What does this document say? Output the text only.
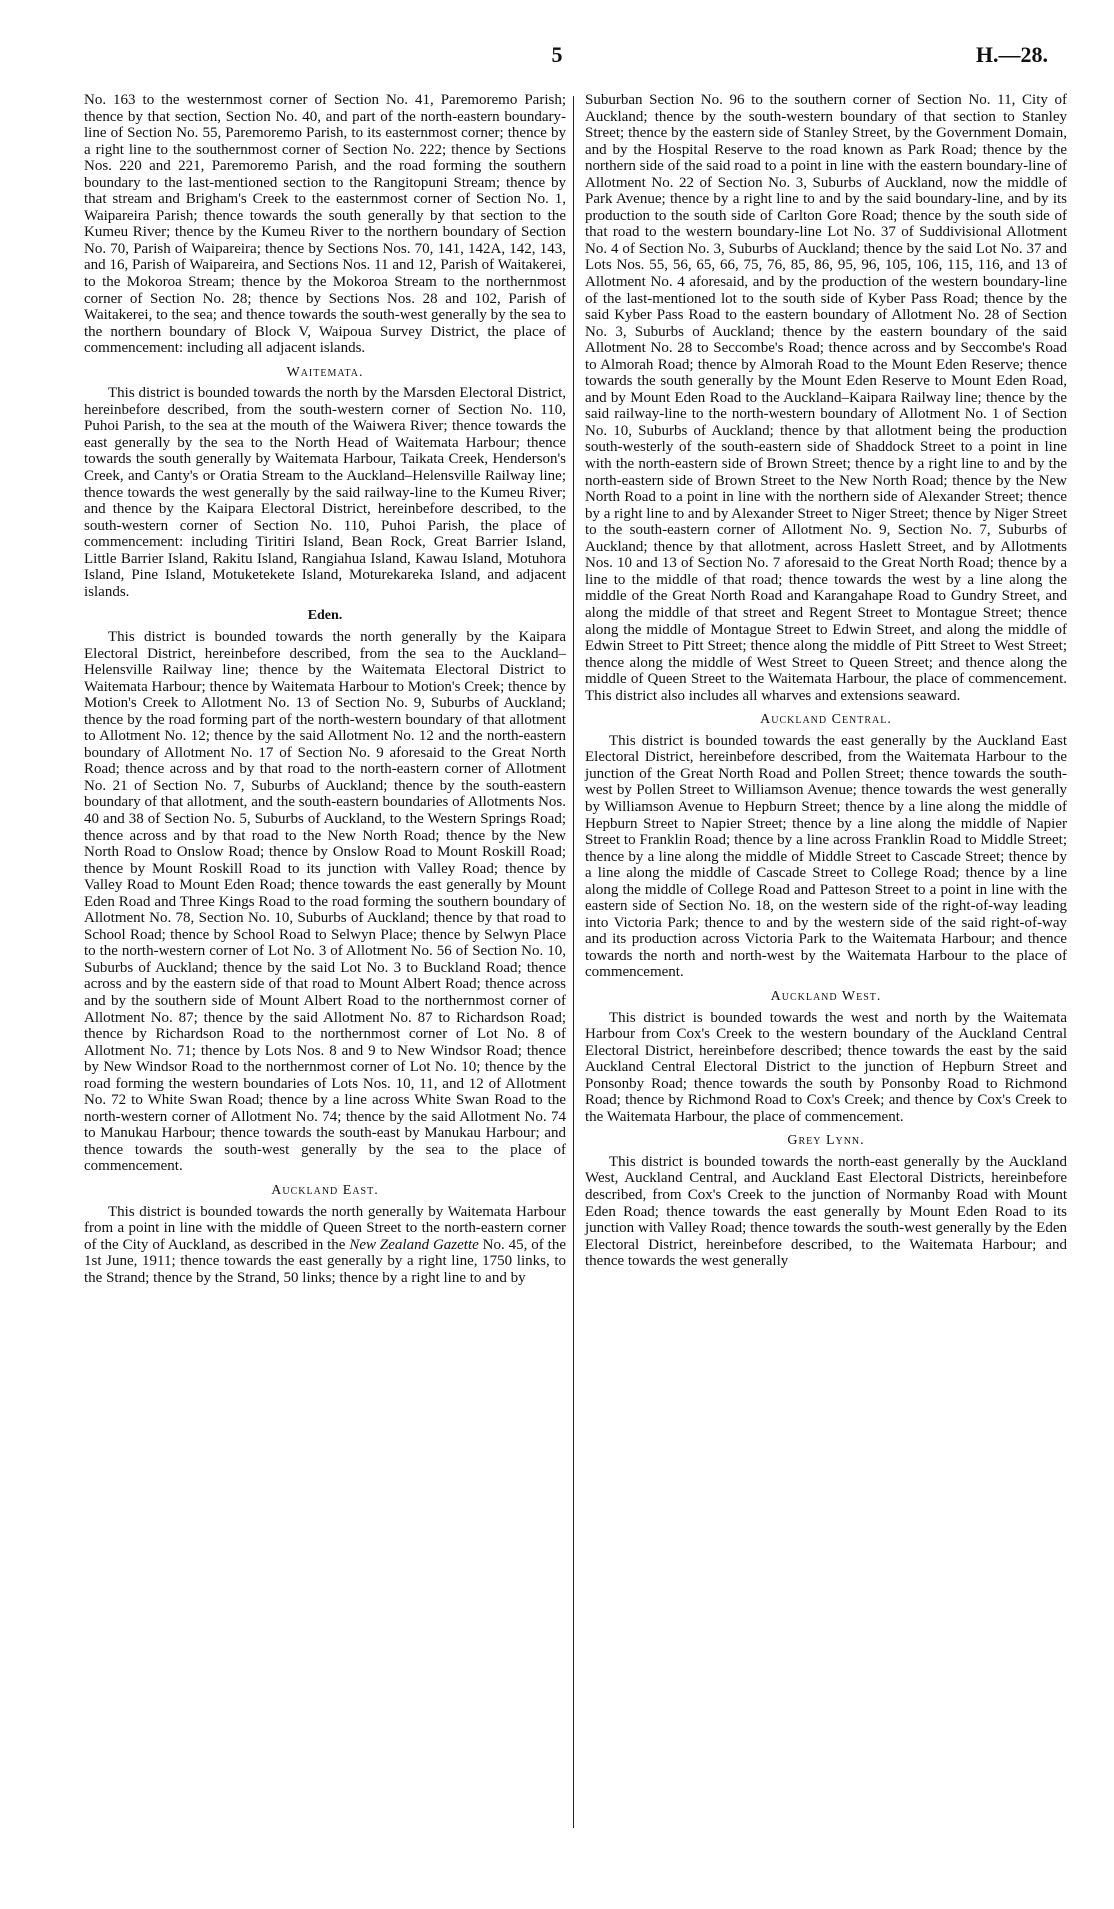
5	H.—28.

No. 163 to the westernmost corner of Section No. 41, Paremoremo Parish; thence by that section, Section No. 40, and part of the north-eastern boundary-line of Section No. 55, Paremoremo Parish, to its easternmost corner; thence by a right line to the southernmost corner of Section No. 222; thence by Sections Nos. 220 and 221, Paremoremo Parish, and the road forming the southern boundary to the last-mentioned section to the Rangitopuni Stream; thence by that stream and Brigham's Creek to the easternmost corner of Section No. 1, Waipareira Parish; thence towards the south generally by that section to the Kumeu River; thence by the Kumeu River to the northern boundary of Section No. 70, Parish of Waipareira; thence by Sections Nos. 70, 141, 142A, 142, 143, and 16, Parish of Waipareira, and Sections Nos. 11 and 12, Parish of Waitakerei, to the Mokoroa Stream; thence by the Mokoroa Stream to the northernmost corner of Section No. 28; thence by Sections Nos. 28 and 102, Parish of Waitakerei, to the sea; and thence towards the south-west generally by the sea to the northern boundary of Block V, Waipoua Survey District, the place of commencement: including all adjacent islands.

Waitemata.

This district is bounded towards the north by the Marsden Electoral District, hereinbefore described, from the south-western corner of Section No. 110, Puhoi Parish, to the sea at the mouth of the Waiwera River; thence towards the east generally by the sea to the North Head of Waitemata Harbour; thence towards the south generally by Waitemata Harbour, Taikata Creek, Henderson's Creek, and Canty's or Oratia Stream to the Auckland–Helensville Railway line; thence towards the west generally by the said railway-line to the Kumeu River; and thence by the Kaipara Electoral District, hereinbefore described, to the south-western corner of Section No. 110, Puhoi Parish, the place of commencement: including Tiritiri Island, Bean Rock, Great Barrier Island, Little Barrier Island, Rakitu Island, Rangiahua Island, Kawau Island, Motuhora Island, Pine Island, Motuketekete Island, Moturekareka Island, and adjacent islands.

Eden.

This district is bounded towards the north generally by the Kaipara Electoral District, hereinbefore described, from the sea to the Auckland–Helensville Railway line; thence by the Waitemata Electoral District to Waitemata Harbour; thence by Waitemata Harbour to Motion's Creek; thence by Motion's Creek to Allotment No. 13 of Section No. 9, Suburbs of Auckland; thence by the road forming part of the north-western boundary of that allotment to Allotment No. 12; thence by the said Allotment No. 12 and the north-eastern boundary of Allotment No. 17 of Section No. 9 aforesaid to the Great North Road; thence across and by that road to the north-eastern corner of Allotment No. 21 of Section No. 7, Suburbs of Auckland; thence by the south-eastern boundary of that allotment, and the south-eastern boundaries of Allotments Nos. 40 and 38 of Section No. 5, Suburbs of Auckland, to the Western Springs Road; thence across and by that road to the New North Road; thence by the New North Road to Onslow Road; thence by Onslow Road to Mount Roskill Road; thence by Mount Roskill Road to its junction with Valley Road; thence by Valley Road to Mount Eden Road; thence towards the east generally by Mount Eden Road and Three Kings Road to the road forming the southern boundary of Allotment No. 78, Section No. 10, Suburbs of Auckland; thence by that road to School Road; thence by School Road to Selwyn Place; thence by Selwyn Place to the north-western corner of Lot No. 3 of Allotment No. 56 of Section No. 10, Suburbs of Auckland; thence by the said Lot No. 3 to Buckland Road; thence across and by the eastern side of that road to Mount Albert Road; thence across and by the southern side of Mount Albert Road to the northernmost corner of Allotment No. 87; thence by the said Allotment No. 87 to Richardson Road; thence by Richardson Road to the northernmost corner of Lot No. 8 of Allotment No. 71; thence by Lots Nos. 8 and 9 to New Windsor Road; thence by New Windsor Road to the northernmost corner of Lot No. 10; thence by the road forming the western boundaries of Lots Nos. 10, 11, and 12 of Allotment No. 72 to White Swan Road; thence by a line across White Swan Road to the north-western corner of Allotment No. 74; thence by the said Allotment No. 74 to Manukau Harbour; thence towards the south-east by Manukau Harbour; and thence towards the south-west generally by the sea to the place of commencement.

Auckland East.

This district is bounded towards the north generally by Waitemata Harbour from a point in line with the middle of Queen Street to the north-eastern corner of the City of Auckland, as described in the New Zealand Gazette No. 45, of the 1st June, 1911; thence towards the east generally by a right line, 1750 links, to the Strand; thence by the Strand, 50 links; thence by a right line to and by

Suburban Section No. 96 to the southern corner of Section No. 11, City of Auckland; thence by the south-western boundary of that section to Stanley Street; thence by the eastern side of Stanley Street, by the Government Domain, and by the Hospital Reserve to the road known as Park Road; thence by the northern side of the said road to a point in line with the eastern boundary-line of Allotment No. 22 of Section No. 3, Suburbs of Auckland, now the middle of Park Avenue; thence by a right line to and by the said boundary-line, and by its production to the south side of Carlton Gore Road; thence by the south side of that road to the western boundary-line Lot No. 37 of Suddivisional Allotment No. 4 of Section No. 3, Suburbs of Auckland; thence by the said Lot No. 37 and Lots Nos. 55, 56, 65, 66, 75, 76, 85, 86, 95, 96, 105, 106, 115, 116, and 13 of Allotment No. 4 aforesaid, and by the production of the western boundary-line of the last-mentioned lot to the south side of Kyber Pass Road; thence by the said Kyber Pass Road to the eastern boundary of Allotment No. 28 of Section No. 3, Suburbs of Auckland; thence by the eastern boundary of the said Allotment No. 28 to Seccombe's Road; thence across and by Seccombe's Road to Almorah Road; thence by Almorah Road to the Mount Eden Reserve; thence towards the south generally by the Mount Eden Reserve to Mount Eden Road, and by Mount Eden Road to the Auckland–Kaipara Railway line; thence by the said railway-line to the north-western boundary of Allotment No. 1 of Section No. 10, Suburbs of Auckland; thence by that allotment being the production south-westerly of the south-eastern side of Shaddock Street to a point in line with the north-eastern side of Brown Street; thence by a right line to and by the north-eastern side of Brown Street to the New North Road; thence by the New North Road to a point in line with the northern side of Alexander Street; thence by a right line to and by Alexander Street to Niger Street; thence by Niger Street to the south-eastern corner of Allotment No. 9, Section No. 7, Suburbs of Auckland; thence by that allotment, across Haslett Street, and by Allotments Nos. 10 and 13 of Section No. 7 aforesaid to the Great North Road; thence by a line to the middle of that road; thence towards the west by a line along the middle of the Great North Road and Karangahape Road to Gundry Street, and along the middle of that street and Regent Street to Montague Street; thence along the middle of Montague Street to Edwin Street, and along the middle of Edwin Street to Pitt Street; thence along the middle of Pitt Street to West Street; thence along the middle of West Street to Queen Street; and thence along the middle of Queen Street to the Waitemata Harbour, the place of commencement. This district also includes all wharves and extensions seaward.

Auckland Central.

This district is bounded towards the east generally by the Auckland East Electoral District, hereinbefore described, from the Waitemata Harbour to the junction of the Great North Road and Pollen Street; thence towards the south-west by Pollen Street to Williamson Avenue; thence towards the west generally by Williamson Avenue to Hepburn Street; thence by a line along the middle of Hepburn Street to Napier Street; thence by a line along the middle of Napier Street to Franklin Road; thence by a line across Franklin Road to Middle Street; thence by a line along the middle of Middle Street to Cascade Street; thence by a line along the middle of Cascade Street to College Road; thence by a line along the middle of College Road and Patteson Street to a point in line with the eastern side of Section No. 18, on the western side of the right-of-way leading into Victoria Park; thence to and by the western side of the said right-of-way and its production across Victoria Park to the Waitemata Harbour; and thence towards the north and north-west by the Waitemata Harbour to the place of commencement.

Auckland West.

This district is bounded towards the west and north by the Waitemata Harbour from Cox's Creek to the western boundary of the Auckland Central Electoral District, hereinbefore described; thence towards the east by the said Auckland Central Electoral District to the junction of Hepburn Street and Ponsonby Road; thence towards the south by Ponsonby Road to Richmond Road; thence by Richmond Road to Cox's Creek; and thence by Cox's Creek to the Waitemata Harbour, the place of commencement.

Grey Lynn.

This district is bounded towards the north-east generally by the Auckland West, Auckland Central, and Auckland East Electoral Districts, hereinbefore described, from Cox's Creek to the junction of Normanby Road with Mount Eden Road; thence towards the east generally by Mount Eden Road to its junction with Valley Road; thence towards the south-west generally by the Eden Electoral District, hereinbefore described, to the Waitemata Harbour; and thence towards the west generally
